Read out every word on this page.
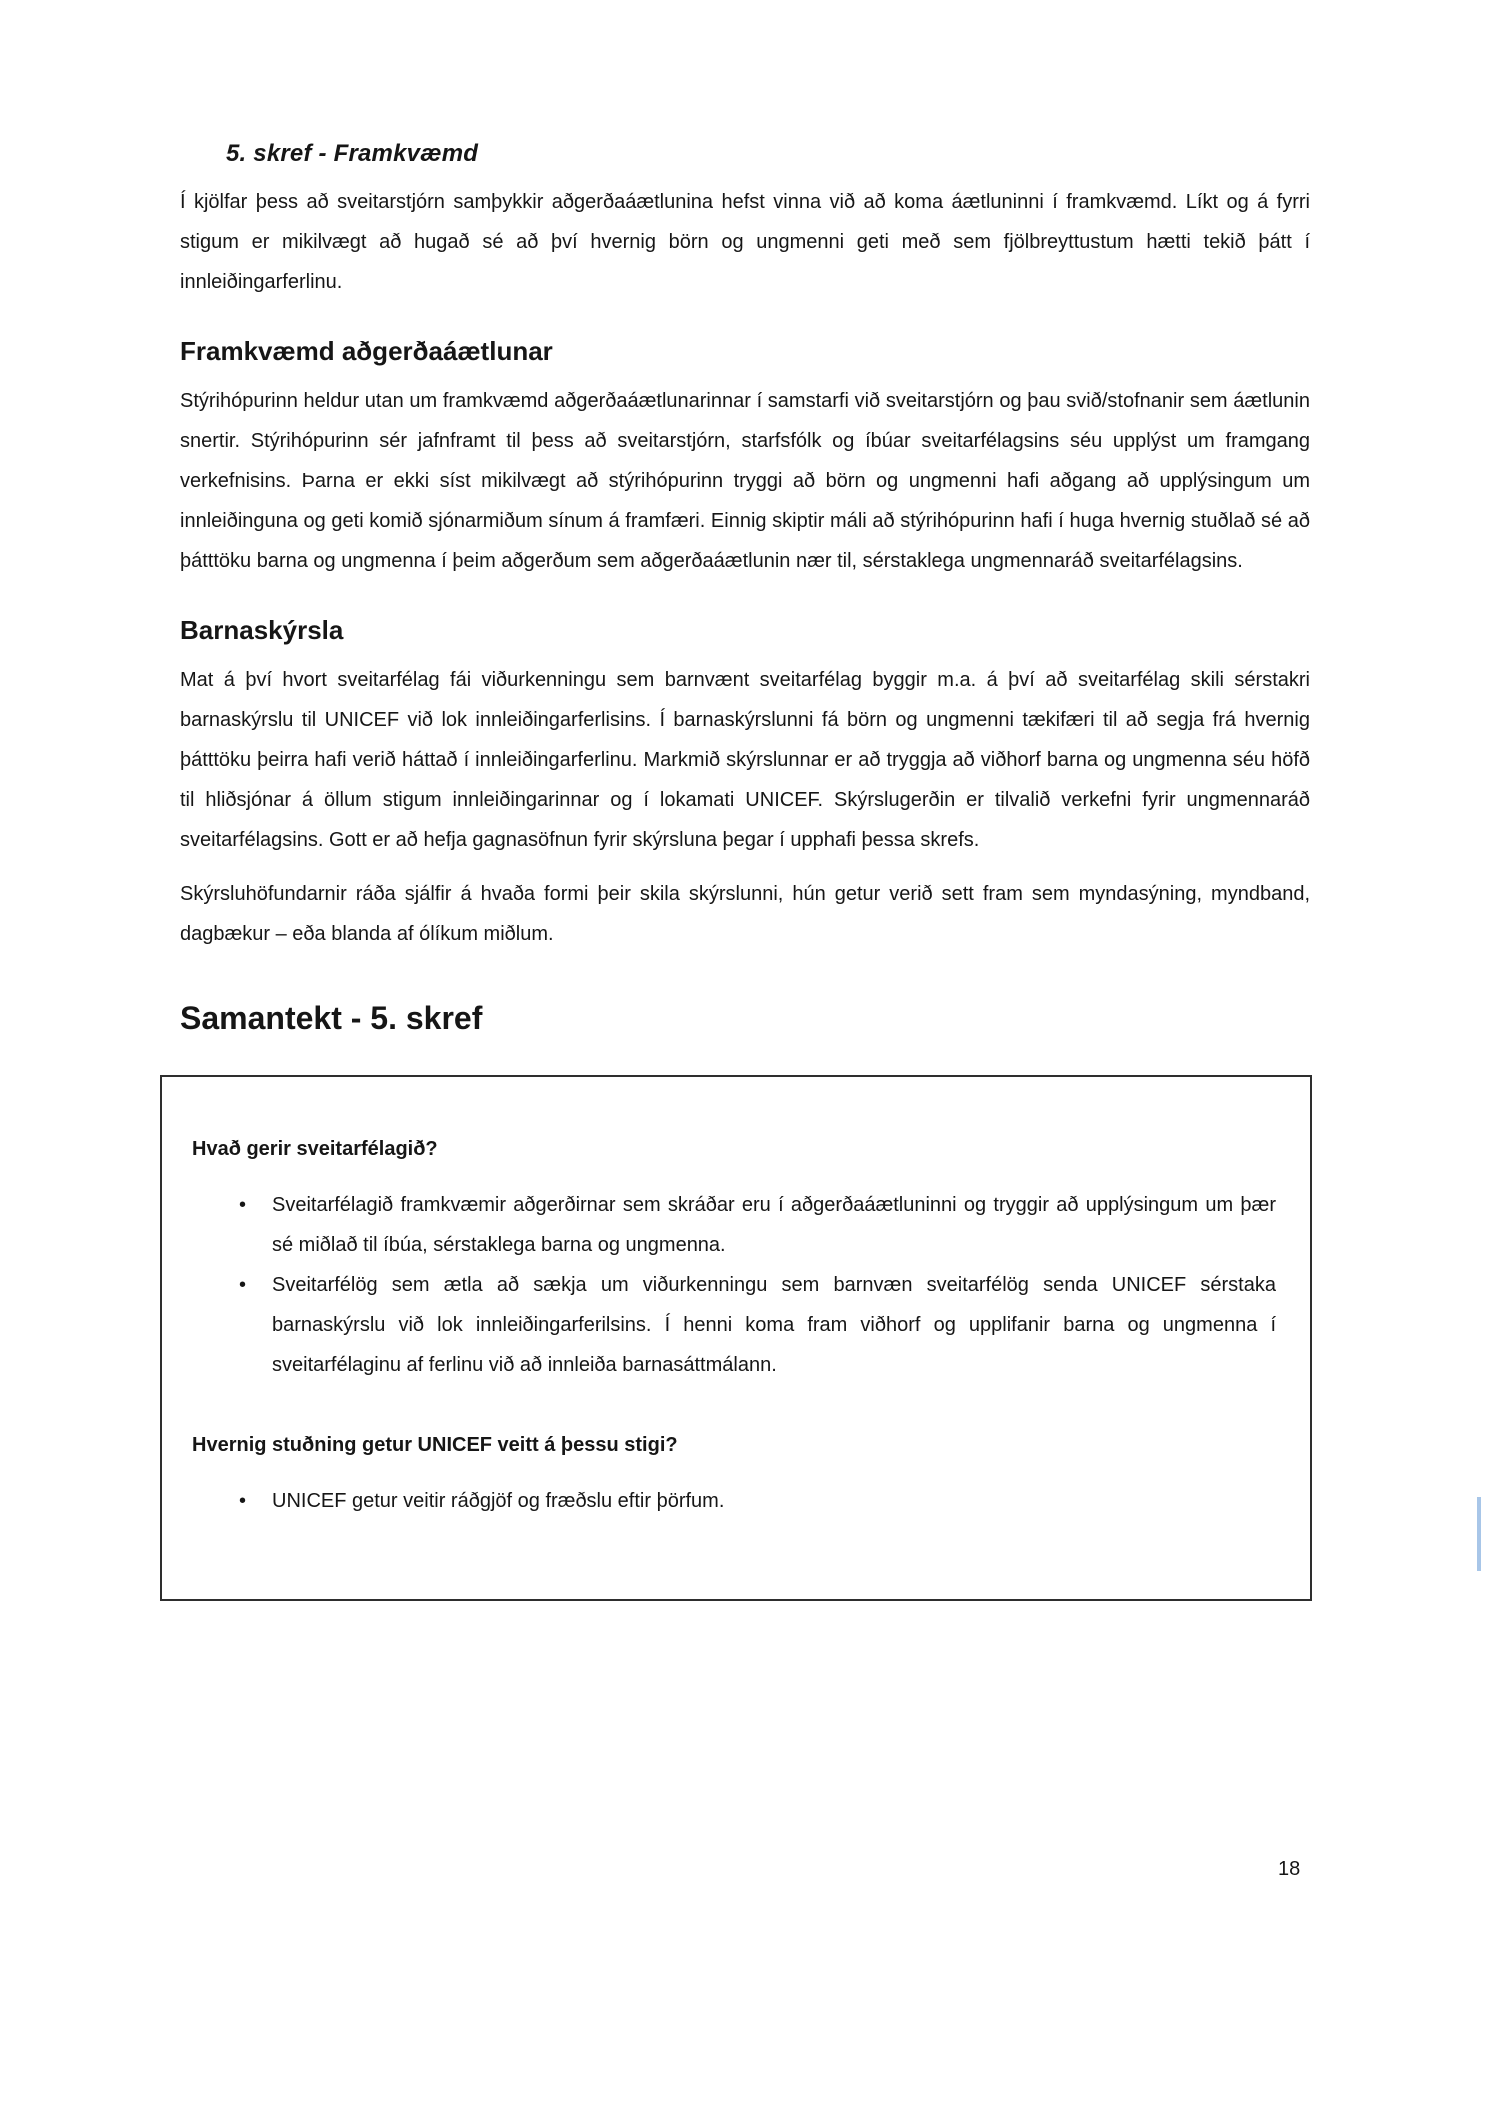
5. skref - Framkvæmd

Í kjölfar þess að sveitarstjórn samþykkir aðgerðaáætlunina hefst vinna við að koma áætluninni í framkvæmd. Líkt og á fyrri stigum er mikilvægt að hugað sé að því hvernig börn og ungmenni geti með sem fjölbreyttustum hætti tekið þátt í innleiðingarferlinu.

Framkvæmd aðgerðaáætlunar

Stýrihópurinn heldur utan um framkvæmd aðgerðaáætlunarinnar í samstarfi við sveitarstjórn og þau svið/stofnanir sem áætlunin snertir. Stýrihópurinn sér jafnframt til þess að sveitarstjórn, starfsfólk og íbúar sveitarfélagsins séu upplýst um framgang verkefnisins. Þarna er ekki síst mikilvægt að stýrihópurinn tryggi að börn og ungmenni hafi aðgang að upplýsingum um innleiðinguna og geti komið sjónarmiðum sínum á framfæri. Einnig skiptir máli að stýrihópurinn hafi í huga hvernig stuðlað sé að þátttöku barna og ungmenna í þeim aðgerðum sem aðgerðaáætlunin nær til, sérstaklega ungmennaráð sveitarfélagsins.

Barnaskýrsla

Mat á því hvort sveitarfélag fái viðurkenningu sem barnvænt sveitarfélag byggir m.a. á því að sveitarfélag skili sérstakri barnaskýrslu til UNICEF við lok innleiðingarferlisins. Í barnaskýrslunni fá börn og ungmenni tækifæri til að segja frá hvernig þátttöku þeirra hafi verið háttað í innleiðingarferlinu. Markmið skýrslunnar er að tryggja að viðhorf barna og ungmenna séu höfð til hliðsjónar á öllum stigum innleiðingarinnar og í lokamati UNICEF. Skýrslugerðin er tilvalið verkefni fyrir ungmennaráð sveitarfélagsins. Gott er að hefja gagnasöfnun fyrir skýrsluna þegar í upphafi þessa skrefs.

Skýrsluhöfundarnir ráða sjálfir á hvaða formi þeir skila skýrslunni, hún getur verið sett fram sem myndasýning, myndband, dagbækur – eða blanda af ólíkum miðlum.

Samantekt - 5. skref

Hvað gerir sveitarfélagið?

• Sveitarfélagið framkvæmir aðgerðirnar sem skráðar eru í aðgerðaáætluninni og tryggir að upplýsingum um þær sé miðlað til íbúa, sérstaklega barna og ungmenna.
• Sveitarfélög sem ætla að sækja um viðurkenningu sem barnvæn sveitarfélög senda UNICEF sérstaka barnaskýrslu við lok innleiðingarferilsins. Í henni koma fram viðhorf og upplifanir barna og ungmenna í sveitarfélaginu af ferlinu við að innleiða barnasáttmálann.

Hvernig stuðning getur UNICEF veitt á þessu stigi?

• UNICEF getur veitir ráðgjöf og fræðslu eftir þörfum.
18
